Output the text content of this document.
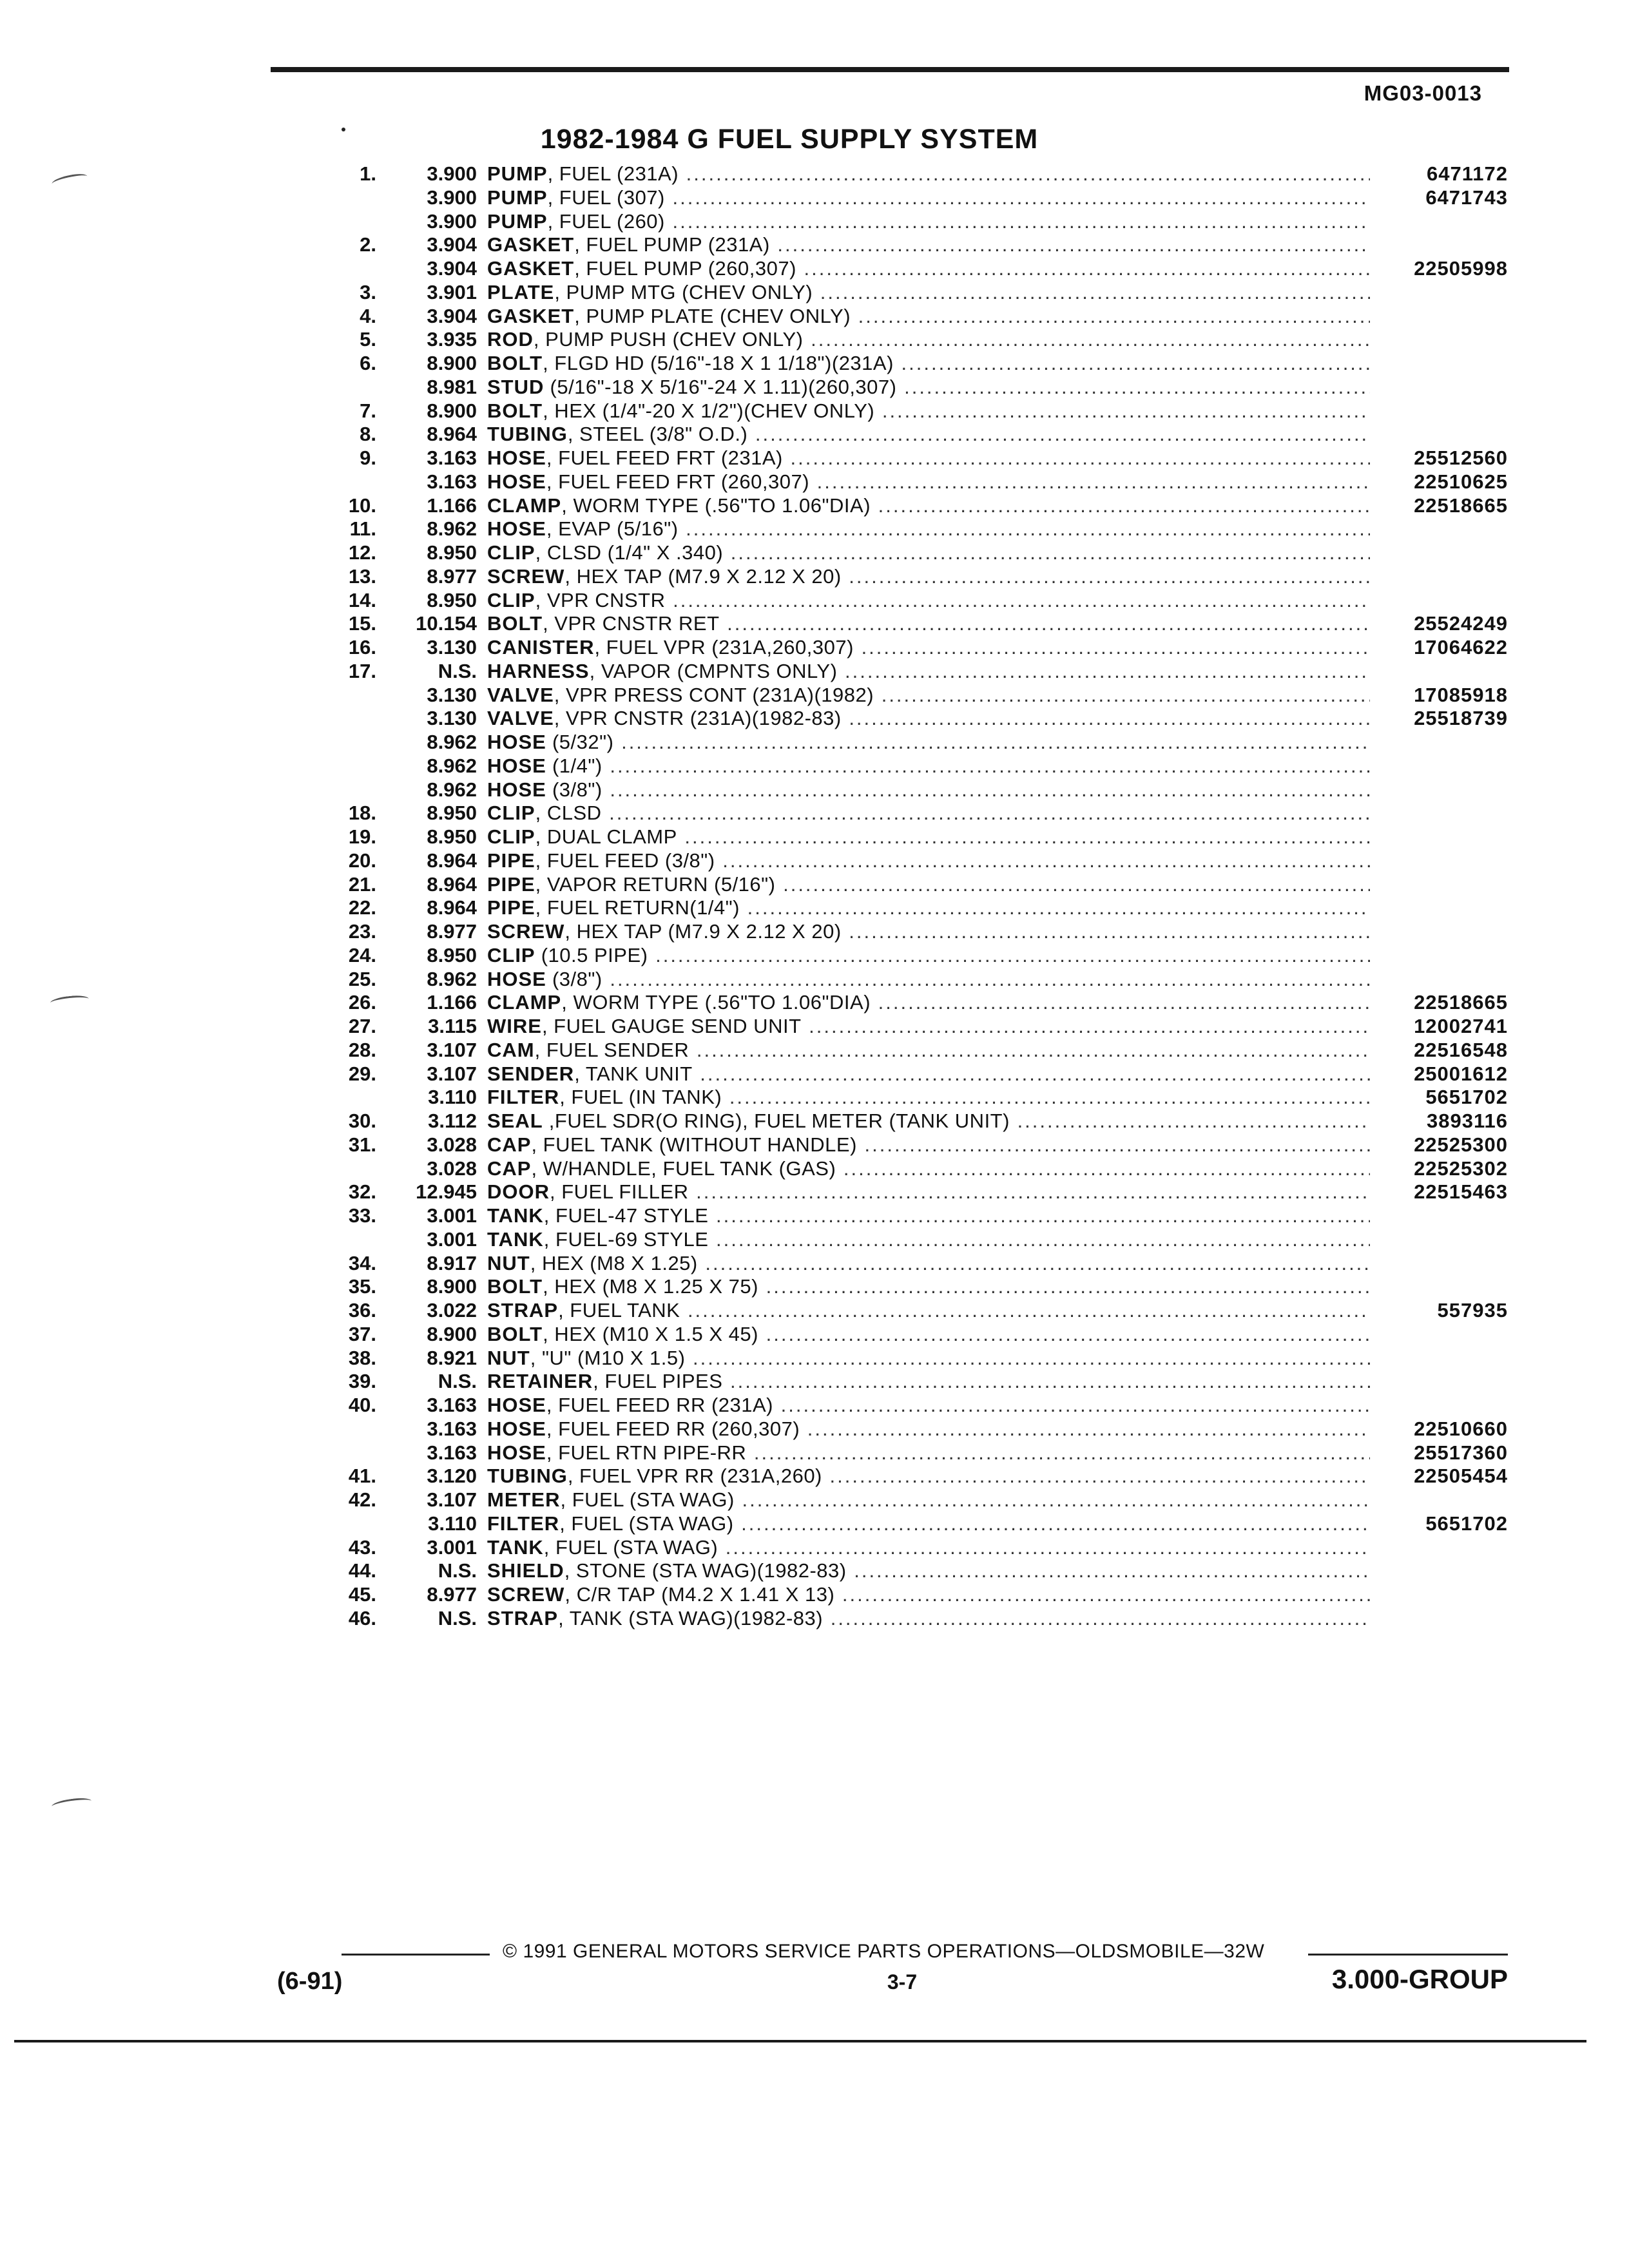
MG03-0013
1982-1984 G FUEL SUPPLY SYSTEM
1.	3.900 PUMP, FUEL (231A) .....	6471172
3.900 PUMP, FUEL (307) .....	6471743
3.900 PUMP, FUEL (260) .....
2.	3.904 GASKET, FUEL PUMP (231A) .....
3.904 GASKET, FUEL PUMP (260,307) .....	22505998
3.	3.901 PLATE, PUMP MTG (CHEV ONLY) .....
4.	3.904 GASKET, PUMP PLATE (CHEV ONLY) .....
5.	3.935 ROD, PUMP PUSH (CHEV ONLY) .....
6.	8.900 BOLT, FLGD HD (5/16"-18 X 1 1/18")(231A) .....
8.981 STUD (5/16"-18 X 5/16"-24 X 1.11)(260,307) .....
7.	8.900 BOLT, HEX (1/4"-20 X 1/2")(CHEV ONLY) .....
8.	8.964 TUBING, STEEL (3/8" O.D.) .....
9.	3.163 HOSE, FUEL FEED FRT (231A) .....	25512560
3.163 HOSE, FUEL FEED FRT (260,307) .....	22510625
10.	1.166 CLAMP, WORM TYPE (.56"TO 1.06"DIA) .....	22518665
11.	8.962 HOSE, EVAP (5/16") .....
12.	8.950 CLIP, CLSD (1/4" X .340) .....
13.	8.977 SCREW, HEX TAP (M7.9 X 2.12 X 20) .....
14.	8.950 CLIP, VPR CNSTR .....
15.	10.154 BOLT, VPR CNSTR RET .....	25524249
16.	3.130 CANISTER, FUEL VPR (231A,260,307) .....	17064622
17.	N.S. HARNESS, VAPOR (CMPNTS ONLY) .....
3.130 VALVE, VPR PRESS CONT (231A)(1982) .....	17085918
3.130 VALVE, VPR CNSTR (231A)(1982-83) .....	25518739
8.962 HOSE (5/32") .....
8.962 HOSE (1/4") .....
8.962 HOSE (3/8") .....
18.	8.950 CLIP, CLSD .....
19.	8.950 CLIP, DUAL CLAMP .....
20.	8.964 PIPE, FUEL FEED (3/8") .....
21.	8.964 PIPE, VAPOR RETURN (5/16") .....
22.	8.964 PIPE, FUEL RETURN(1/4") .....
23.	8.977 SCREW, HEX TAP (M7.9 X 2.12 X 20) .....
24.	8.950 CLIP (10.5 PIPE) .....
25.	8.962 HOSE (3/8") .....
26.	1.166 CLAMP, WORM TYPE (.56"TO 1.06"DIA) .....	22518665
27.	3.115 WIRE, FUEL GAUGE SEND UNIT .....	12002741
28.	3.107 CAM, FUEL SENDER .....	22516548
29.	3.107 SENDER, TANK UNIT .....	25001612
3.110 FILTER, FUEL (IN TANK) .....	5651702
30.	3.112 SEAL ,FUEL SDR(O RING), FUEL METER (TANK UNIT) .....	3893116
31.	3.028 CAP, FUEL TANK (WITHOUT HANDLE) .....	22525300
3.028 CAP, W/HANDLE, FUEL TANK (GAS) .....	22525302
32.	12.945 DOOR, FUEL FILLER .....	22515463
33.	3.001 TANK, FUEL-47 STYLE .....
3.001 TANK, FUEL-69 STYLE .....
34.	8.917 NUT, HEX (M8 X 1.25) .....
35.	8.900 BOLT, HEX (M8 X 1.25 X 75) .....
36.	3.022 STRAP, FUEL TANK .....	557935
37.	8.900 BOLT, HEX (M10 X 1.5 X 45) .....
38.	8.921 NUT, "U" (M10 X 1.5) .....
39.	N.S. RETAINER, FUEL PIPES .....
40.	3.163 HOSE, FUEL FEED RR (231A) .....
3.163 HOSE, FUEL FEED RR (260,307) .....	22510660
3.163 HOSE, FUEL RTN PIPE-RR .....	25517360
41.	3.120 TUBING, FUEL VPR RR (231A,260) .....	22505454
42.	3.107 METER, FUEL (STA WAG) .....
3.110 FILTER, FUEL (STA WAG) .....	5651702
43.	3.001 TANK, FUEL (STA WAG) .....
44.	N.S. SHIELD, STONE (STA WAG)(1982-83) .....
45.	8.977 SCREW, C/R TAP (M4.2 X 1.41 X 13) .....
46.	N.S. STRAP, TANK (STA WAG)(1982-83) .....
© 1991 GENERAL MOTORS SERVICE PARTS OPERATIONS—OLDSMOBILE—32W
(6-91)	3-7	3.000-GROUP
